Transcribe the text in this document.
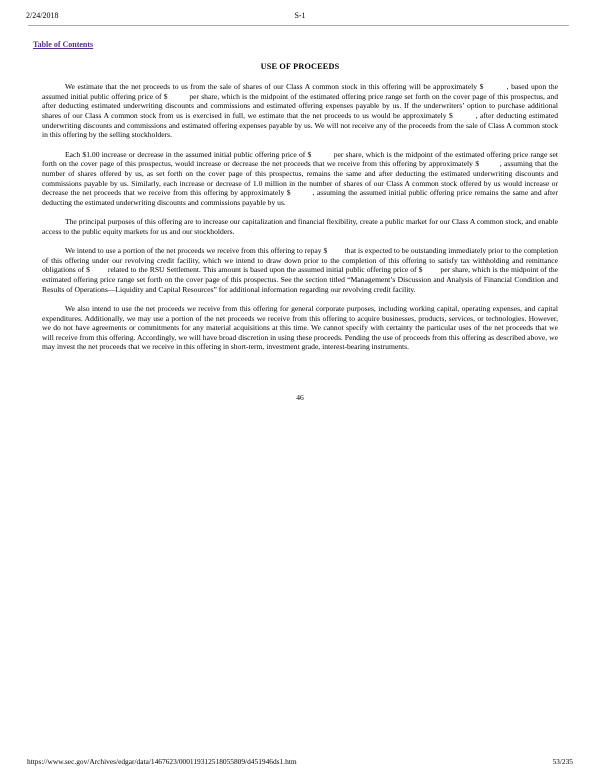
2/24/2018	S-1
Table of Contents
USE OF PROCEEDS

We estimate that the net proceeds to us from the sale of shares of our Class A common stock in this offering will be approximately $         , based upon the assumed initial public offering price of $          per share, which is the midpoint of the estimated offering price range set forth on the cover page of this prospectus, and after deducting estimated underwriting discounts and commissions and estimated offering expenses payable by us. If the underwriters’ option to purchase additional shares of our Class A common stock from us is exercised in full, we estimate that the net proceeds to us would be approximately $         , after deducting estimated underwriting discounts and commissions and estimated offering expenses payable by us. We will not receive any of the proceeds from the sale of Class A common stock in this offering by the selling stockholders.

Each $1.00 increase or decrease in the assumed initial public offering price of $          per share, which is the midpoint of the estimated offering price range set forth on the cover page of this prospectus, would increase or decrease the net proceeds that we receive from this offering by approximately $         , assuming that the number of shares offered by us, as set forth on the cover page of this prospectus, remains the same and after deducting the estimated underwriting discounts and commissions payable by us. Similarly, each increase or decrease of 1.0 million in the number of shares of our Class A common stock offered by us would increase or decrease the net proceeds that we receive from this offering by approximately $         , assuming the assumed initial public offering price remains the same and after deducting the estimated underwriting discounts and commissions payable by us.

The principal purposes of this offering are to increase our capitalization and financial flexibility, create a public market for our Class A common stock, and enable access to the public equity markets for us and our stockholders.

We intend to use a portion of the net proceeds we receive from this offering to repay $         that is expected to be outstanding immediately prior to the completion of this offering under our revolving credit facility, which we intend to draw down prior to the completion of this offering to satisfy tax withholding and remittance obligations of $         related to the RSU Settlement. This amount is based upon the assumed initial public offering price of $         per share, which is the midpoint of the estimated offering price range set forth on the cover page of this prospectus. See the section titled “Management’s Discussion and Analysis of Financial Condition and Results of Operations—Liquidity and Capital Resources” for additional information regarding our revolving credit facility.

We also intend to use the net proceeds we receive from this offering for general corporate purposes, including working capital, operating expenses, and capital expenditures. Additionally, we may use a portion of the net proceeds we receive from this offering to acquire businesses, products, services, or technologies. However, we do not have agreements or commitments for any material acquisitions at this time. We cannot specify with certainty the particular uses of the net proceeds that we will receive from this offering. Accordingly, we will have broad discretion in using these proceeds. Pending the use of proceeds from this offering as described above, we may invest the net proceeds that we receive in this offering in short-term, investment grade, interest-bearing instruments.

46
https://www.sec.gov/Archives/edgar/data/1467623/000119312518055809/d451946ds1.htm	53/235
